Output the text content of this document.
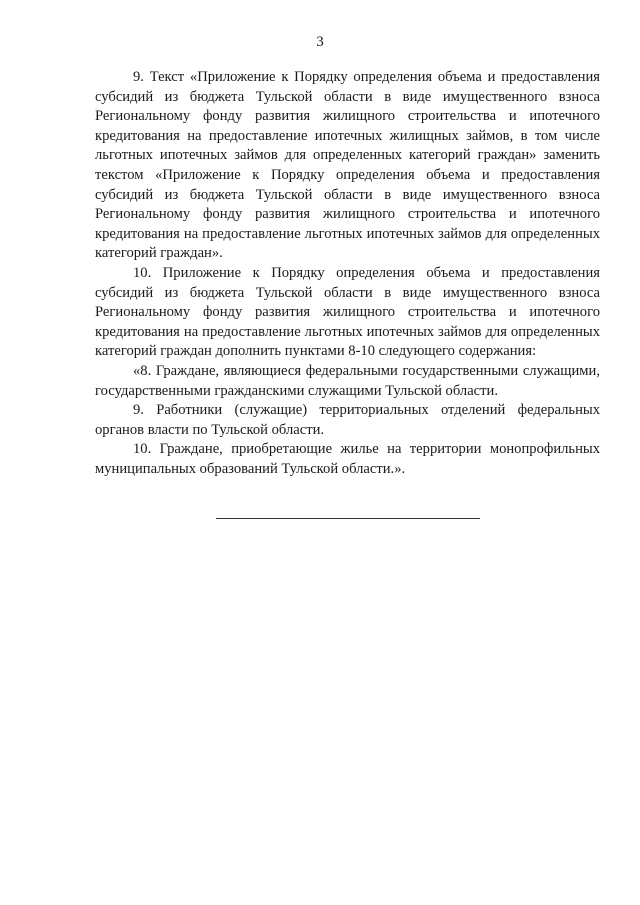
3

9. Текст «Приложение к Порядку определения объема и предоставления субсидий из бюджета Тульской области в виде имущественного взноса Региональному фонду развития жилищного строительства и ипотечного кредитования на предоставление ипотечных жилищных займов, в том числе льготных ипотечных займов для определенных категорий граждан» заменить текстом «Приложение к Порядку определения объема и предоставления субсидий из бюджета Тульской области в виде имущественного взноса Региональному фонду развития жилищного строительства и ипотечного кредитования на предоставление льготных ипотечных займов для определенных категорий граждан».

10. Приложение к Порядку определения объема и предоставления субсидий из бюджета Тульской области в виде имущественного взноса Региональному фонду развития жилищного строительства и ипотечного кредитования на предоставление льготных ипотечных займов для определенных категорий граждан дополнить пунктами 8-10 следующего содержания:

«8. Граждане, являющиеся федеральными государственными служащими, государственными гражданскими служащими Тульской области.

9. Работники (служащие) территориальных отделений федеральных органов власти по Тульской области.

10. Граждане, приобретающие жилье на территории монопрофильных муниципальных образований Тульской области.».
